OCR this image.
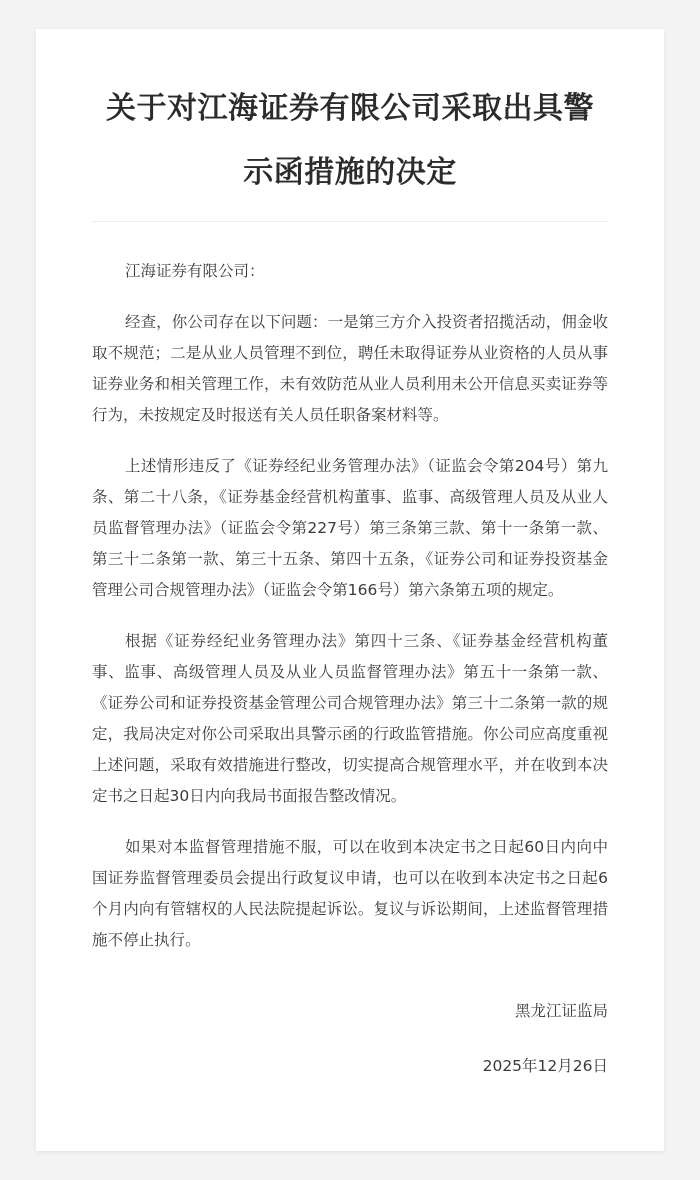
关于对江海证券有限公司采取出具警示函措施的决定

江海证券有限公司：

经查，你公司存在以下问题：一是第三方介入投资者招揽活动，佣金收取不规范；二是从业人员管理不到位，聘任未取得证券从业资格的人员从事证券业务和相关管理工作，未有效防范从业人员利用未公开信息买卖证券等行为，未按规定及时报送有关人员任职备案材料等。

上述情形违反了《证券经纪业务管理办法》（证监会令第204号）第九条、第二十八条，《证券基金经营机构董事、监事、高级管理人员及从业人员监督管理办法》（证监会令第227号）第三条第三款、第十一条第一款、第三十二条第一款、第三十五条、第四十五条，《证券公司和证券投资基金管理公司合规管理办法》（证监会令第166号）第六条第五项的规定。

根据《证券经纪业务管理办法》第四十三条、《证券基金经营机构董事、监事、高级管理人员及从业人员监督管理办法》第五十一条第一款、《证券公司和证券投资基金管理公司合规管理办法》第三十二条第一款的规定，我局决定对你公司采取出具警示函的行政监管措施。你公司应高度重视上述问题，采取有效措施进行整改，切实提高合规管理水平，并在收到本决定书之日起30日内向我局书面报告整改情况。

如果对本监督管理措施不服，可以在收到本决定书之日起60日内向中国证券监督管理委员会提出行政复议申请，也可以在收到本决定书之日起6个月内向有管辖权的人民法院提起诉讼。复议与诉讼期间，上述监督管理措施不停止执行。

黑龙江证监局

2025年12月26日
